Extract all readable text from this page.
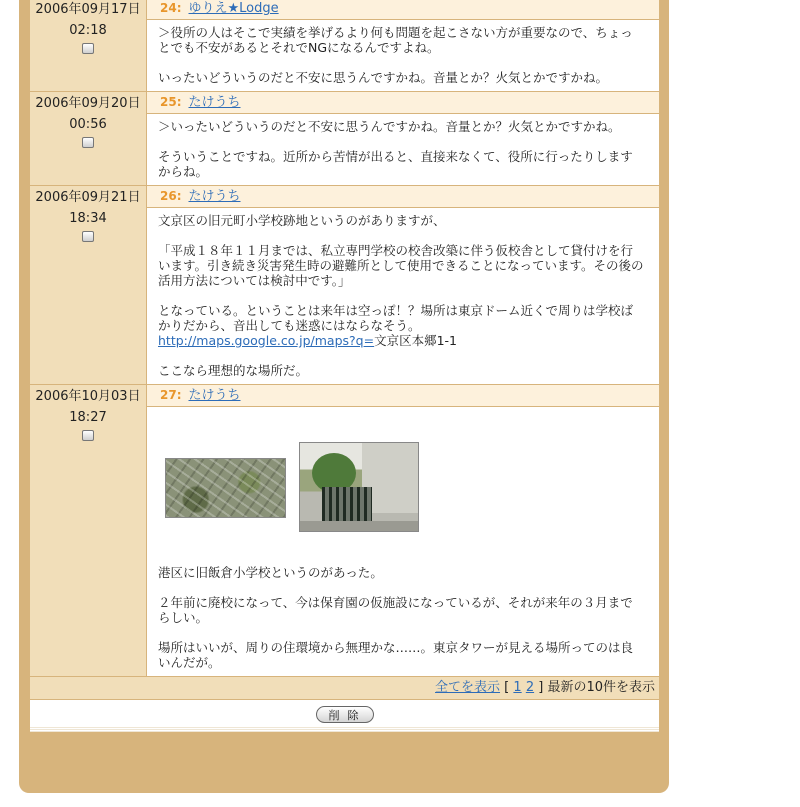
2006年09月17日
02:18	24: ゆりえ★Lodge

	＞役所の人はそこで実績を挙げるより何も問題を起こさない方が重要なので、ちょっとでも不安があるとそれでNGになるんですよね。

いったいどういうのだと不安に思うんですかね。音量とか？火気とかですかね。

2006年09月20日
00:56	25: たけうち

	＞いったいどういうのだと不安に思うんですかね。音量とか？火気とかですかね。

そういうことですね。近所から苦情が出ると、直接来なくて、役所に行ったりしますからね。

2006年09月21日
18:34	26: たけうち

	文京区の旧元町小学校跡地というのがありますが、

「平成１８年１１月までは、私立専門学校の校舎改築に伴う仮校舎として貸付けを行います。引き続き災害発生時の避難所として使用できることになっています。その後の活用方法については検討中です。」

となっている。ということは来年は空っぽ！？場所は東京ドーム近くで周りは学校ばかりだから、音出しても迷惑にはならなそう。
http://maps.google.co.jp/maps?q=文京区本郷1-1

ここなら理想的な場所だ。

2006年10月03日
18:27	27: たけうち

	港区に旧飯倉小学校というのがあった。

２年前に廃校になって、今は保育園の仮施設になっているが、それが来年の３月まで らしい。

場所はいいが、周りの住環境から無理かな……。東京タワーが見える場所ってのは良いんだが。

全てを表示 [ 1 2 ] 最新の10件を表示	
削除	
